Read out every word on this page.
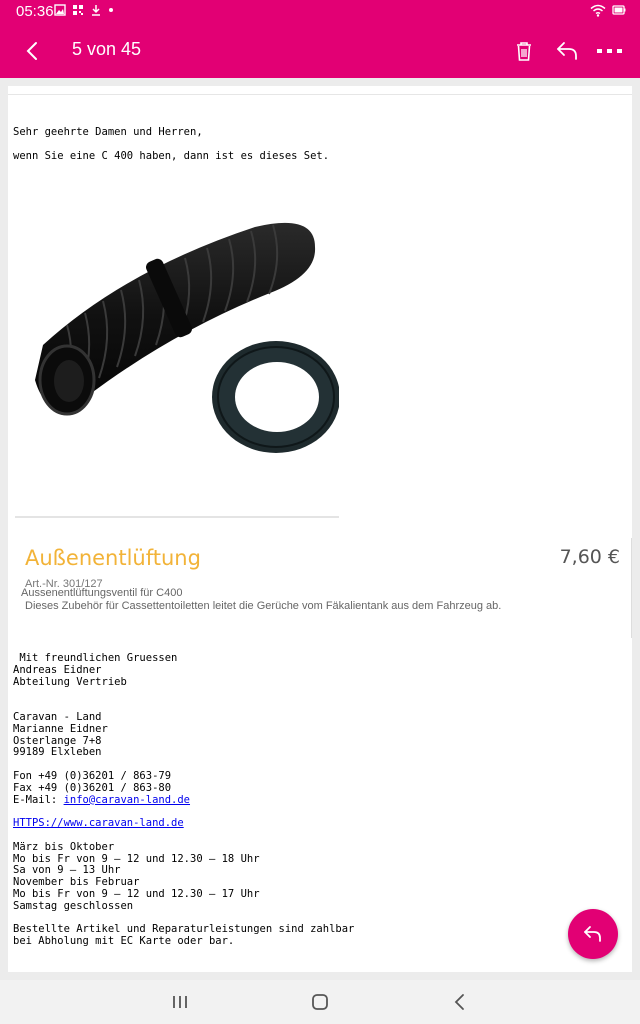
05:36
5 von 45
Sehr geehrte Damen und Herren,
wenn Sie eine C 400 haben, dann ist es dieses Set.
Aussenentlüftungsventil für C400
Außenentlüftung	7,60 €
Art.-Nr. 301/127
Dieses Zubehör für Cassettentoiletten leitet die Gerüche vom Fäkalientank aus dem Fahrzeug ab.
Mit freundlichen Gruessen
Andreas Eidner
Abteilung Vertrieb

Caravan - Land
Marianne Eidner
Osterlange 7+8
99189 Elxleben

Fon +49 (0)36201 / 863-79
Fax +49 (0)36201 / 863-80
E-Mail: info@caravan-land.de

HTTPS://www.caravan-land.de

März bis Oktober
Mo bis Fr von 9 – 12 und 12.30 – 18 Uhr
Sa von 9 – 13 Uhr
November bis Februar
Mo bis Fr von 9 – 12 und 12.30 – 17 Uhr
Samstag geschlossen

Bestellte Artikel und Reparaturleistungen sind zahlbar
bei Abholung mit EC Karte oder bar.
